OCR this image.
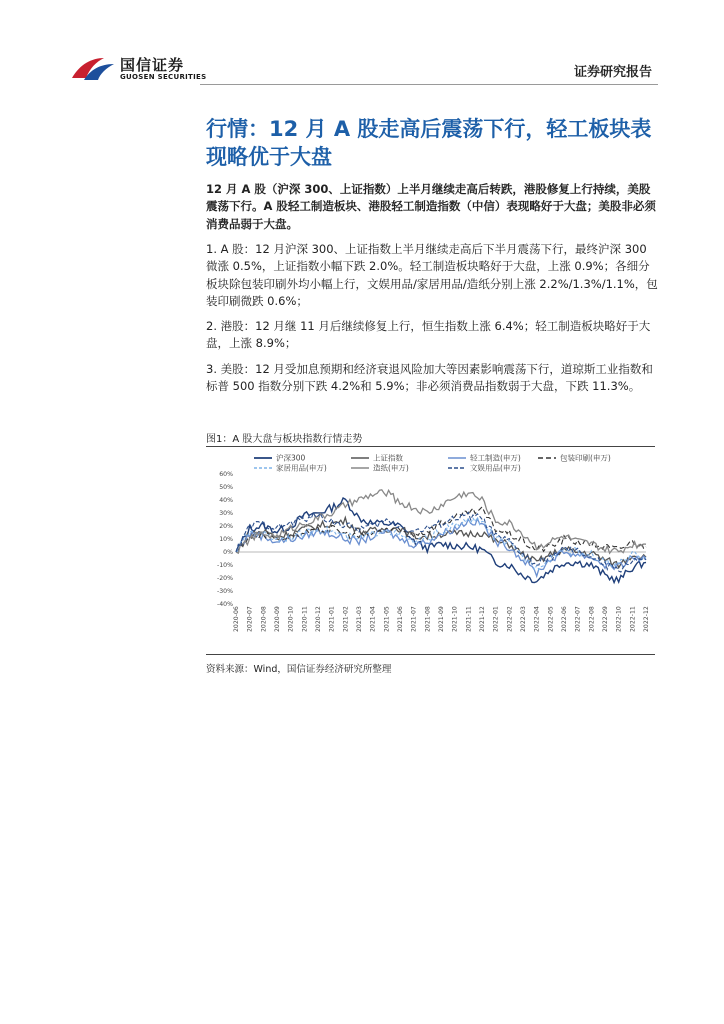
国信证券
GUOSEN SECURITIES	证券研究报告
行情：12 月 A 股走高后震荡下行，轻工板块表现略优于大盘
12 月 A 股（沪深 300、上证指数）上半月继续走高后转跌，港股修复上行持续，美股震荡下行。A 股轻工制造板块、港股轻工制造指数（中信）表现略好于大盘；美股非必须消费品弱于大盘。
1. A 股：12 月沪深 300、上证指数上半月继续走高后下半月震荡下行，最终沪深 300 微涨 0.5%，上证指数小幅下跌 2.0%。轻工制造板块略好于大盘，上涨 0.9%；各细分板块除包装印刷外均小幅上行，文娱用品/家居用品/造纸分别上涨 2.2%/1.3%/1.1%，包装印刷微跌 0.6%；
2. 港股：12 月继 11 月后继续修复上行，恒生指数上涨 6.4%；轻工制造板块略好于大盘，上涨 8.9%；
3. 美股：12 月受加息预期和经济衰退风险加大等因素影响震荡下行，道琼斯工业指数和标普 500 指数分别下跌 4.2%和 5.9%；非必须消费品指数弱于大盘，下跌 11.3%。
图1：A 股大盘与板块指数行情走势
60%
50%
40%
30%
20%
10%
0%
-10%
-20%
-30%
-40%
2020-06 2020-07 2020-08 2020-09 2020-10 2020-11 2020-12 2021-01 2021-02 2021-03 2021-04 2021-05 2021-06 2021-07 2021-08 2021-09 2021-10 2021-11 2021-12 2022-01 2022-02 2022-03 2022-04 2022-05 2022-06 2022-07 2022-08 2022-09 2022-10 2022-11 2022-12
沪深300	上证指数	轻工制造(申万)	包装印刷(申万)
家居用品(申万)	造纸(申万)	文娱用品(申万)
资料来源：Wind，国信证券经济研究所整理
